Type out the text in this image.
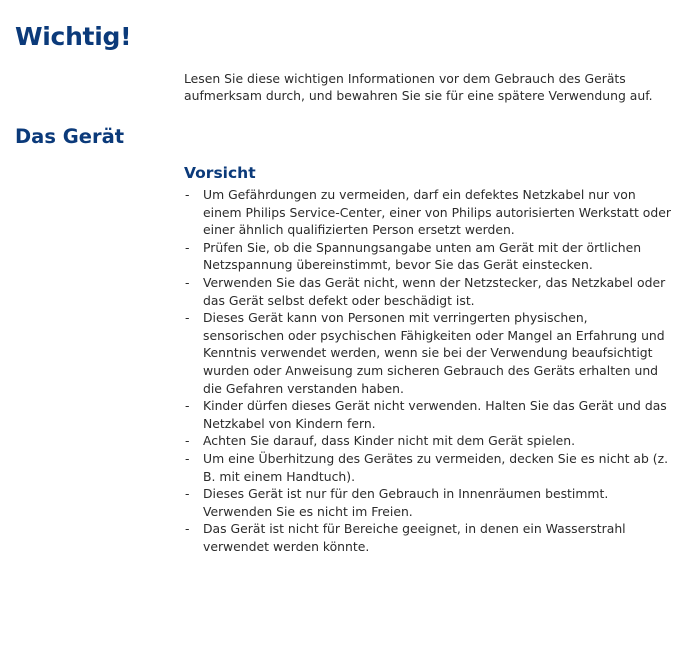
Wichtig!
Lesen Sie diese wichtigen Informationen vor dem Gebrauch des Geräts aufmerksam durch, und bewahren Sie sie für eine spätere Verwendung auf.
Das Gerät
Vorsicht
- Um Gefährdungen zu vermeiden, darf ein defektes Netzkabel nur von einem Philips Service-Center, einer von Philips autorisierten Werkstatt oder einer ähnlich qualifizierten Person ersetzt werden.
- Prüfen Sie, ob die Spannungsangabe unten am Gerät mit der örtlichen Netzspannung übereinstimmt, bevor Sie das Gerät einstecken.
- Verwenden Sie das Gerät nicht, wenn der Netzstecker, das Netzkabel oder das Gerät selbst defekt oder beschädigt ist.
- Dieses Gerät kann von Personen mit verringerten physischen, sensorischen oder psychischen Fähigkeiten oder Mangel an Erfahrung und Kenntnis verwendet werden, wenn sie bei der Verwendung beaufsichtigt wurden oder Anweisung zum sicheren Gebrauch des Geräts erhalten und die Gefahren verstanden haben.
- Kinder dürfen dieses Gerät nicht verwenden. Halten Sie das Gerät und das Netzkabel von Kindern fern.
- Achten Sie darauf, dass Kinder nicht mit dem Gerät spielen.
- Um eine Überhitzung des Gerätes zu vermeiden, decken Sie es nicht ab (z. B. mit einem Handtuch).
- Dieses Gerät ist nur für den Gebrauch in Innenräumen bestimmt. Verwenden Sie es nicht im Freien.
- Das Gerät ist nicht für Bereiche geeignet, in denen ein Wasserstrahl verwendet werden könnte.
